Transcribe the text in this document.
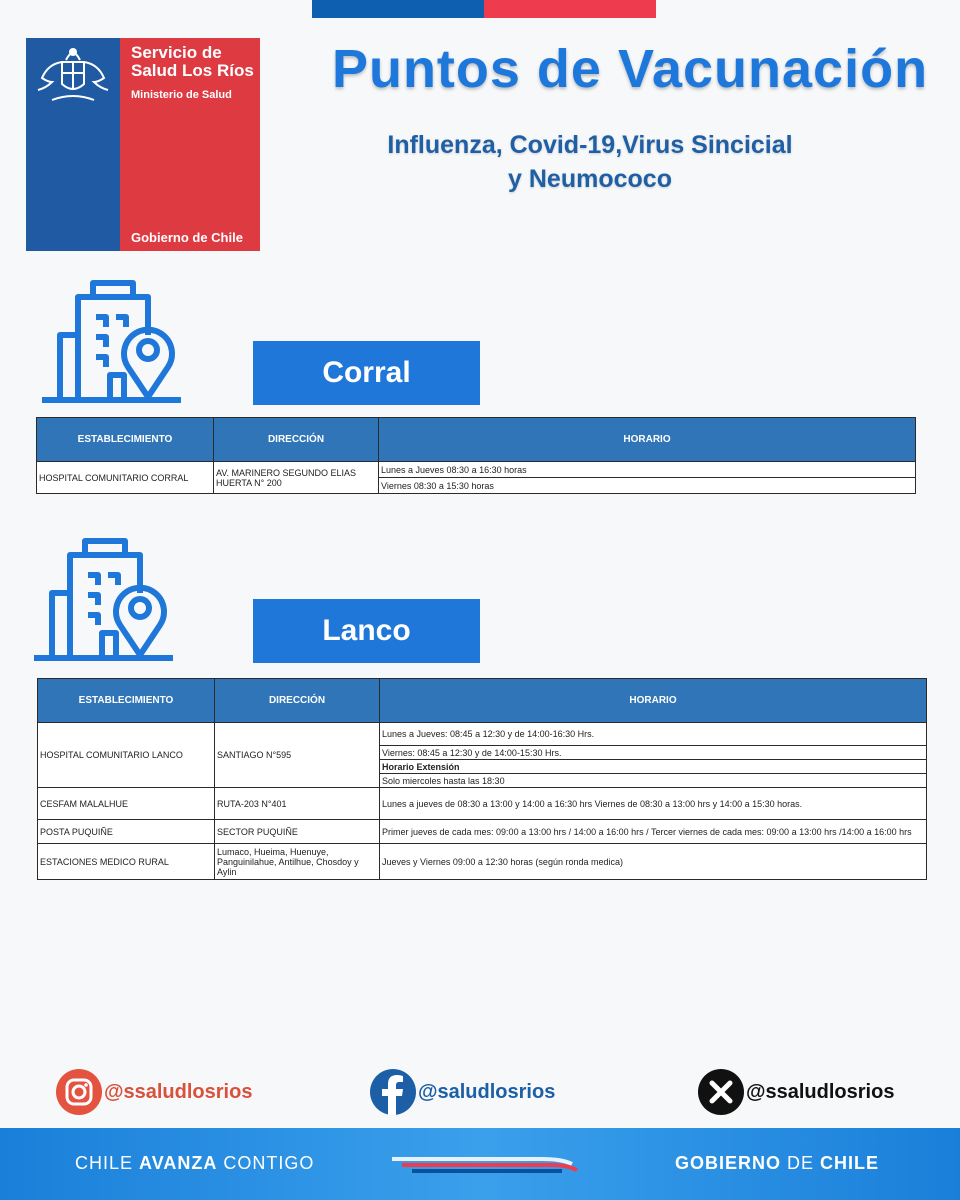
Servicio de
Salud Los Ríos
Ministerio de Salud
Gobierno de Chile
Puntos de Vacunación
Influenza, Covid-19,Virus Sincicial
y Neumococo
Corral
ESTABLECIMIENTO	DIRECCIÓN	HORARIO
HOSPITAL COMUNITARIO CORRAL	AV. MARINERO SEGUNDO ELIAS HUERTA N° 200	Lunes a Jueves 08:30 a 16:30 horas
		Viernes 08:30 a 15:30 horas
Lanco
ESTABLECIMIENTO	DIRECCIÓN	HORARIO
HOSPITAL COMUNITARIO LANCO	SANTIAGO N°595	Lunes a Jueves: 08:45 a 12:30 y de 14:00-16:30 Hrs.
		Viernes: 08:45 a 12:30 y de 14:00-15:30 Hrs.
		Horario Extensión
		Solo miercoles hasta las 18:30
CESFAM MALALHUE	RUTA-203 N°401	Lunes a jueves de 08:30 a 13:00 y 14:00 a 16:30 hrs Viernes de 08:30 a 13:00 hrs y 14:00 a 15:30 horas.
POSTA PUQUIÑE	SECTOR PUQUIÑE	Primer jueves de cada mes: 09:00 a 13:00 hrs / 14:00 a 16:00 hrs / Tercer viernes de cada mes: 09:00 a 13:00 hrs /14:00 a 16:00 hrs
ESTACIONES MEDICO RURAL	Lumaco, Hueima, Huenuye, Panguinilahue, Antilhue, Chosdoy y Aylin	Jueves y Viernes 09:00 a 12:30 horas (según ronda medica)
@ssaludlosrios	@saludlosrios	@ssaludlosrios
CHILE AVANZA CONTIGO	GOBIERNO DE CHILE
